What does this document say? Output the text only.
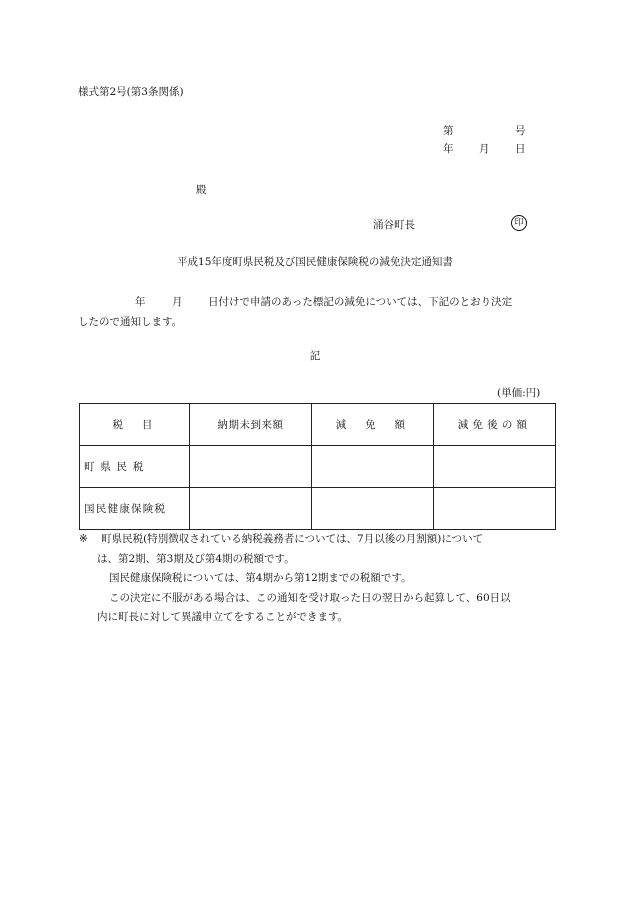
様式第2号(第3条関係)
第	号
年 月 日
殿
涌谷町長	印
平成15年度町県民税及び国民健康保険税の減免決定通知書
年	月 日付けで申請のあった標記の減免については、下記のとおり決定
したので通知します。
記
(単価:円)
税　目	納期未到来額	減　免　額	減免後の額
町県民税			
国民健康保険税			
※ 町県民税(特別徴収されている納税義務者については、7月以後の月割額)について
は、第2期、第3期及び第4期の税額です。
国民健康保険税については、第4期から第12期までの税額です。
この決定に不服がある場合は、この通知を受け取った日の翌日から起算して、60日以
内に町長に対して異議申立てをすることができます。
